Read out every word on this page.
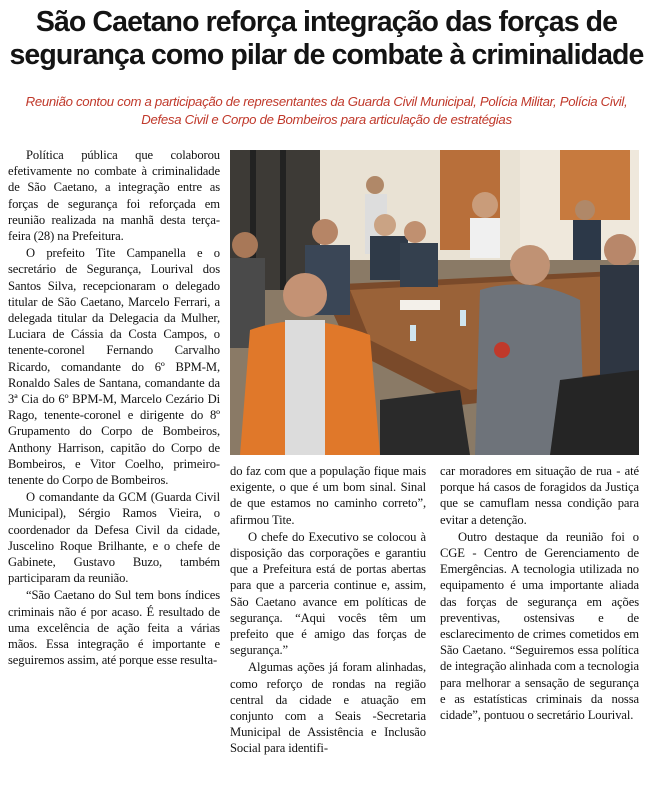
São Caetano reforça integração das forças de segurança como pilar de combate à criminalidade
Reunião contou com a participação de representantes da Guarda Civil Municipal, Polícia Militar, Polícia Civil, Defesa Civil e Corpo de Bombeiros para articulação de estratégias

Política pública que colaborou efetivamente no combate à criminalidade de São Caetano, a integração entre as forças de segurança foi reforçada em reunião realizada na manhã desta terça-feira (28) na Prefeitura.

O prefeito Tite Campanella e o secretário de Segurança, Lourival dos Santos Silva, recepcionaram o delegado titular de São Caetano, Marcelo Ferrari, a delegada titular da Delegacia da Mulher, Luciara de Cássia da Costa Campos, o tenente-coronel Fernando Carvalho Ricardo, comandante do 6º BPM-M, Ronaldo Sales de Santana, comandante da 3ª Cia do 6º BPM-M, Marcelo Cezário Di Rago, tenente-coronel e dirigente do 8º Grupamento do Corpo de Bombeiros, Anthony Harrison, capitão do Corpo de Bombeiros, e Vitor Coelho, primeiro-tenente do Corpo de Bombeiros.

O comandante da GCM (Guarda Civil Municipal), Sérgio Ramos Vieira, o coordenador da Defesa Civil da cidade, Juscelino Roque Brilhante, e o chefe de Gabinete, Gustavo Buzo, também participaram da reunião.

“São Caetano do Sul tem bons índices criminais não é por acaso. É resultado de uma excelência de ação feita a várias mãos. Essa integração é importante e seguiremos assim, até porque esse resulta-

do faz com que a população fique mais exigente, o que é um bom sinal. Sinal de que estamos no caminho correto”, afirmou Tite.

O chefe do Executivo se colocou à disposição das corporações e garantiu que a Prefeitura está de portas abertas para que a parceria continue e, assim, São Caetano avance em políticas de segurança. “Aqui vocês têm um prefeito que é amigo das forças de segurança.”

Algumas ações já foram alinhadas, como reforço de rondas na região central da cidade e atuação em conjunto com a Seais -Secretaria Municipal de Assistência e Inclusão Social para identifi-

car moradores em situação de rua - até porque há casos de foragidos da Justiça que se camuflam nessa condição para evitar a detenção.

Outro destaque da reunião foi o CGE - Centro de Gerenciamento de Emergências. A tecnologia utilizada no equipamento é uma importante aliada das forças de segurança em ações preventivas, ostensivas e de esclarecimento de crimes cometidos em São Caetano. “Seguiremos essa política de integração alinhada com a tecnologia para melhorar a sensação de segurança e as estatísticas criminais da nossa cidade”, pontuou o secretário Lourival.
